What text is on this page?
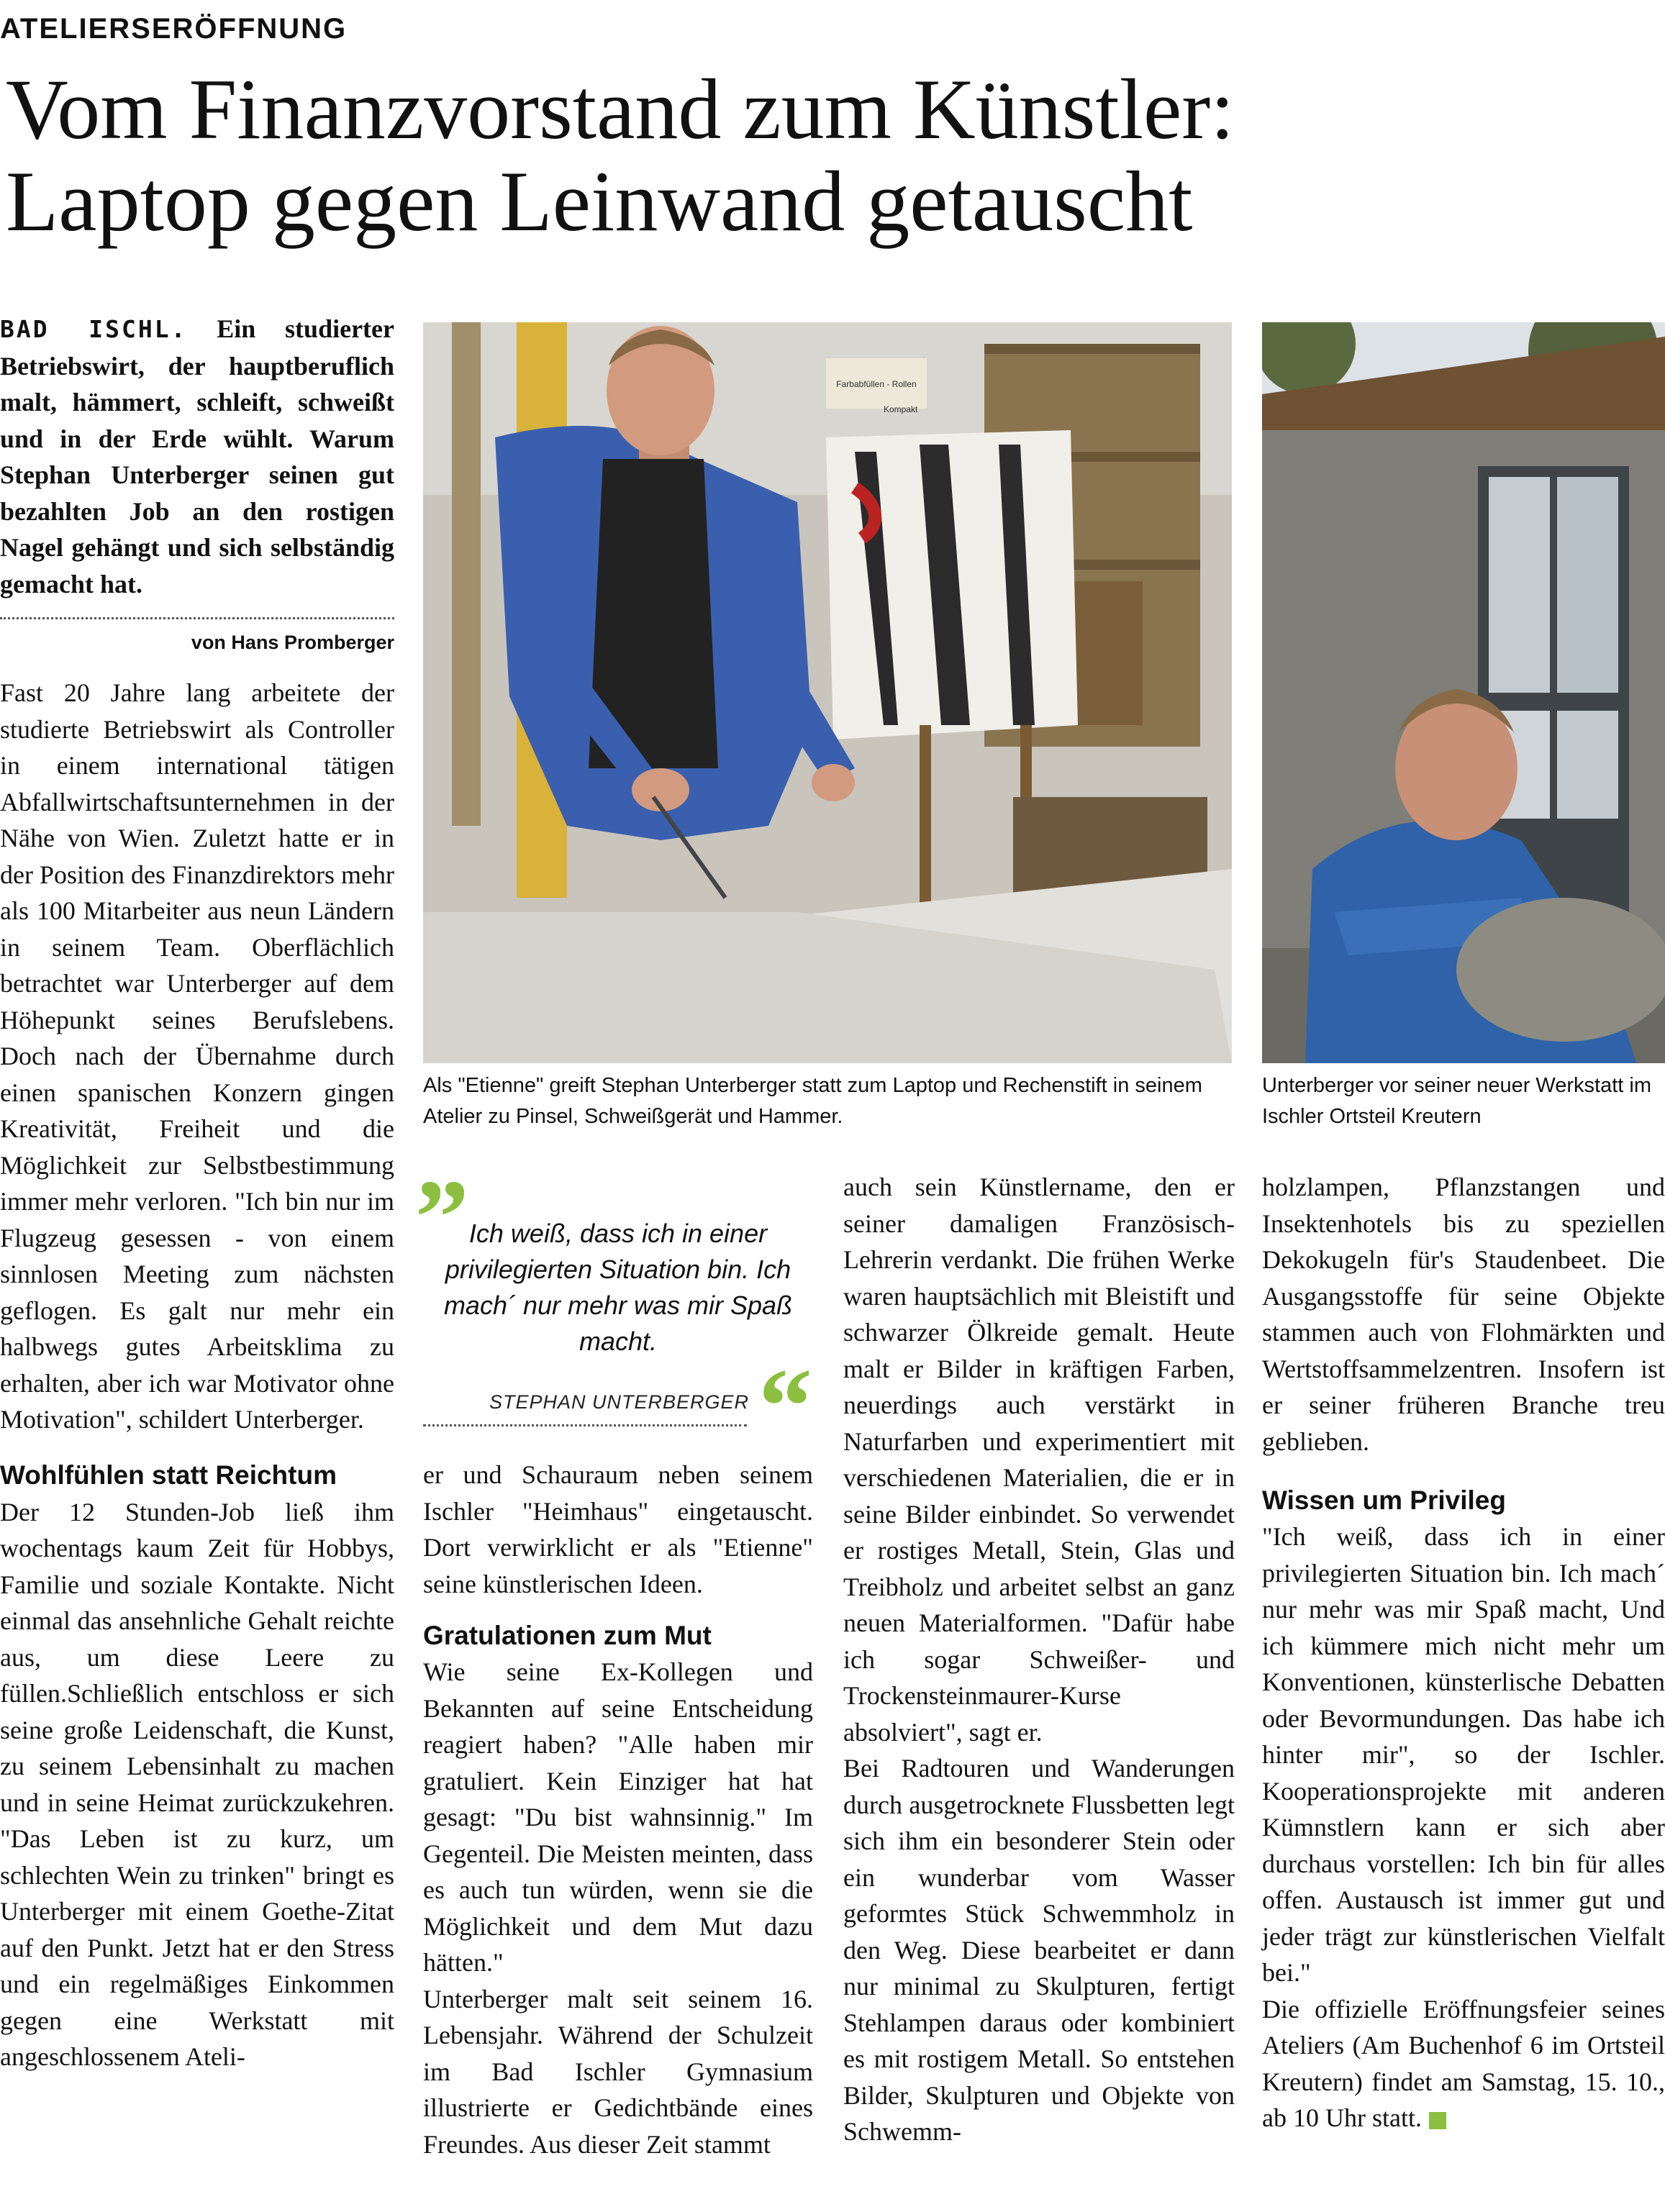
ATELIERSERÖFFNUNG
Vom Finanzvorstand zum Künstler:
Laptop gegen Leinwand getauscht
BAD ISCHL. Ein studierter Betriebswirt, der hauptberuflich malt, hämmert, schleift, schweißt und in der Erde wühlt. Warum Stephan Unterberger seinen gut bezahlten Job an den rostigen Nagel gehängt und sich selbständig gemacht hat.
von Hans Promberger

Fast 20 Jahre lang arbeitete der studierte Betriebswirt als Controller in einem international tätigen Abfallwirtschaftsunternehmen in der Nähe von Wien. Zuletzt hatte er in der Position des Finanzdirektors mehr als 100 Mitarbeiter aus neun Ländern in seinem Team. Oberflächlich betrachtet war Unterberger auf dem Höhepunkt seines Berufslebens. Doch nach der Übernahme durch einen spanischen Konzern gingen Kreativität, Freiheit und die Möglichkeit zur Selbstbestimmung immer mehr verloren. "Ich bin nur im Flugzeug gesessen - von einem sinnlosen Meeting zum nächsten geflogen. Es galt nur mehr ein halbwegs gutes Arbeitsklima zu erhalten, aber ich war Motivator ohne Motivation", schildert Unterberger.

Wohlfühlen statt Reichtum

Der 12 Stunden-Job ließ ihm wochentags kaum Zeit für Hobbys, Familie und soziale Kontakte. Nicht einmal das ansehnliche Gehalt reichte aus, um diese Leere zu füllen.Schließlich entschloss er sich seine große Leidenschaft, die Kunst, zu seinem Lebensinhalt zu machen und in seine Heimat zurückzukehren. "Das Leben ist zu kurz, um schlechten Wein zu trinken" bringt es Unterberger mit einem Goethe-Zitat auf den Punkt. Jetzt hat er den Stress und ein regelmäßiges Einkommen gegen eine Werkstatt mit angeschlossenem Ateli-

Farbabfüllen - Rollen
Kompakt
Als "Etienne" greift Stephan Unterberger statt zum Laptop und Rechenstift in seinem Atelier zu Pinsel, Schweißgerät und Hammer.
Unterberger vor seiner neuer Werkstatt im Ischler Ortsteil Kreutern
„
Ich weiß, dass ich in einer privilegierten Situation bin. Ich mach´ nur mehr was mir Spaß macht.
STEPHAN UNTERBERGER “

er und Schauraum neben seinem Ischler "Heimhaus" eingetauscht. Dort verwirklicht er als "Etienne" seine künstlerischen Ideen.

Gratulationen zum Mut

Wie seine Ex-Kollegen und Bekannten auf seine Entscheidung reagiert haben? "Alle haben mir gratuliert. Kein Einziger hat hat gesagt: "Du bist wahnsinnig." Im Gegenteil. Die Meisten meinten, dass es auch tun würden, wenn sie die Möglichkeit und dem Mut dazu hätten."

Unterberger malt seit seinem 16. Lebensjahr. Während der Schulzeit im Bad Ischler Gymnasium illustrierte er Gedichtbände eines Freundes. Aus dieser Zeit stammt

auch sein Künstlername, den er seiner damaligen Französisch-Lehrerin verdankt. Die frühen Werke waren hauptsächlich mit Bleistift und schwarzer Ölkreide gemalt. Heute malt er Bilder in kräftigen Farben, neuerdings auch verstärkt in Naturfarben und experimentiert mit verschiedenen Materialien, die er in seine Bilder einbindet. So verwendet er rostiges Metall, Stein, Glas und Treibholz und arbeitet selbst an ganz neuen Materialformen. "Dafür habe ich sogar Schweißer- und Trockensteinmaurer-Kurse absolviert", sagt er.

Bei Radtouren und Wanderungen durch ausgetrocknete Flussbetten legt sich ihm ein besonderer Stein oder ein wunderbar vom Wasser geformtes Stück Schwemmholz in den Weg. Diese bearbeitet er dann nur minimal zu Skulpturen, fertigt Stehlampen daraus oder kombiniert es mit rostigem Metall. So entstehen Bilder, Skulpturen und Objekte von Schwemm-

holzlampen, Pflanzstangen und Insektenhotels bis zu speziellen Dekokugeln für's Staudenbeet. Die Ausgangsstoffe für seine Objekte stammen auch von Flohmärkten und Wertstoffsammelzentren. Insofern ist er seiner früheren Branche treu geblieben.

Wissen um Privileg

"Ich weiß, dass ich in einer privilegierten Situation bin. Ich mach´ nur mehr was mir Spaß macht, Und ich kümmere mich nicht mehr um Konventionen, künsterlische Debatten oder Bevormundungen. Das habe ich hinter mir", so der Ischler. Kooperationsprojekte mit anderen Kümnstlern kann er sich aber durchaus vorstellen: Ich bin für alles offen. Austausch ist immer gut und jeder trägt zur künstlerischen Vielfalt bei."

Die offizielle Eröffnungsfeier seines Ateliers (Am Buchenhof 6 im Ortsteil Kreutern) findet am Samstag, 15. 10., ab 10 Uhr statt.
